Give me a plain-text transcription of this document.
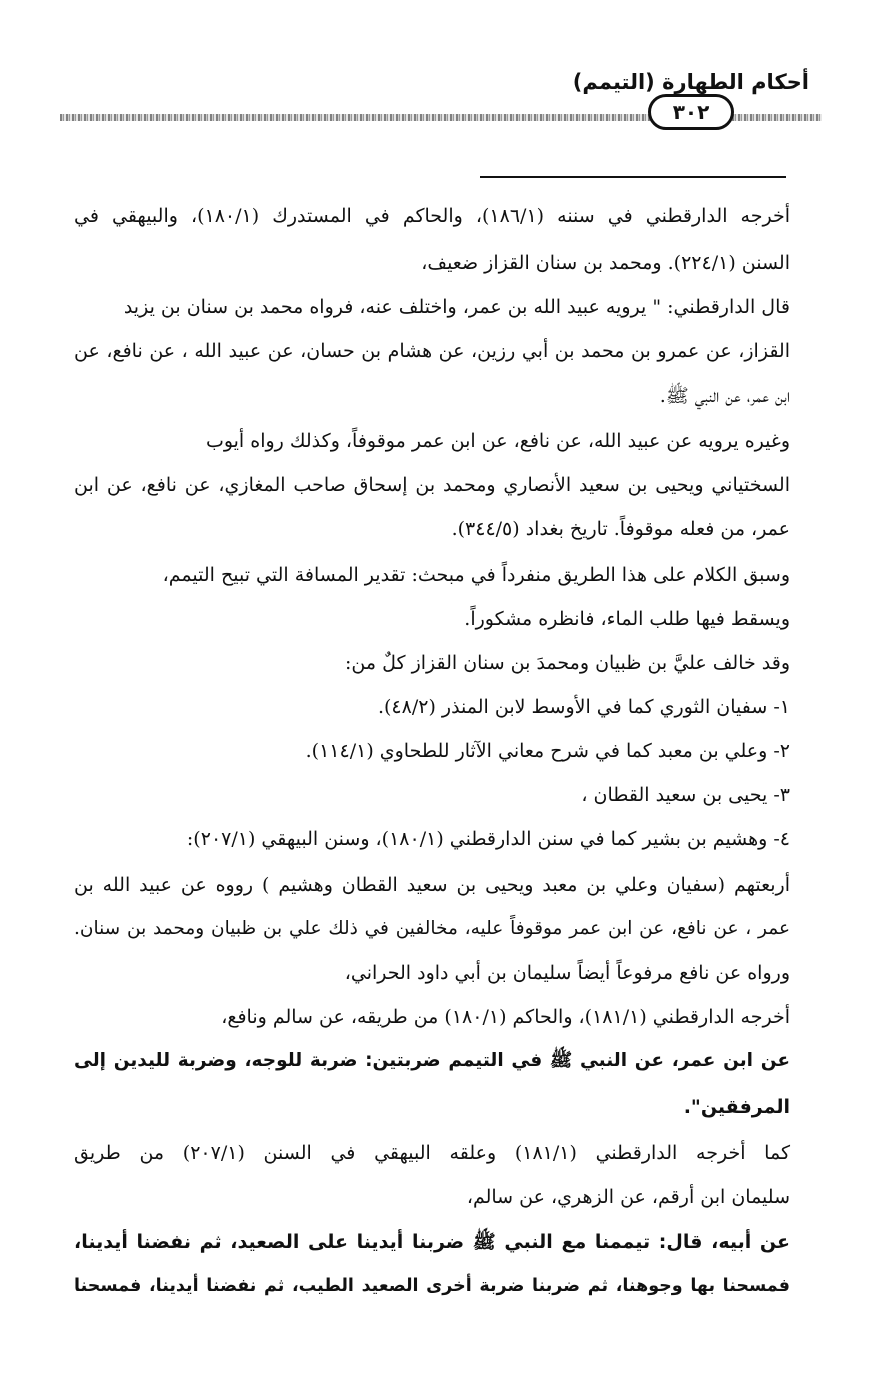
أحكام الطهارة (التيمم)
٣٠٢
أخرجه الدارقطني في سننه (١٨٦/١)، والحاكم في المستدرك (١٨٠/١)، والبيهقي في
السنن (٢٢٤/١). ومحمد بن سنان القزاز ضعيف،
قال الدارقطني: " يرويه عبيد الله بن عمر، واختلف عنه، فرواه محمد بن سنان بن يزيد
القزاز، عن عمرو بن محمد بن أبي رزين، عن هشام بن حسان، عن عبيد الله ، عن نافع، عن
ابن عمر، عن النبي ﷺ.
وغيره يرويه عن عبيد الله، عن نافع، عن ابن عمر موقوفاً، وكذلك رواه أيوب
السختياني ويحيى بن سعيد الأنصاري ومحمد بن إسحاق صاحب المغازي، عن نافع، عن ابن
عمر، من فعله موقوفاً. تاريخ بغداد (٣٤٤/٥).
وسبق الكلام على هذا الطريق منفرداً في مبحث: تقدير المسافة التي تبيح التيمم،
ويسقط فيها طلب الماء، فانظره مشكوراً.
وقد خالف عليَّ بن ظبيان ومحمدَ بن سنان القزاز كلٌ من:
١- سفيان الثوري كما في الأوسط لابن المنذر (٤٨/٢).
٢- وعلي بن معبد كما في شرح معاني الآثار للطحاوي (١١٤/١).
٣- يحيى بن سعيد القطان ،
٤- وهشيم بن بشير كما في سنن الدارقطني (١٨٠/١)، وسنن البيهقي (٢٠٧/١):
أربعتهم (سفيان وعلي بن معبد ويحيى بن سعيد القطان وهشيم ) رووه عن عبيد الله بن
عمر ، عن نافع، عن ابن عمر موقوفاً عليه، مخالفين في ذلك علي بن ظبيان ومحمد بن سنان.
ورواه عن نافع مرفوعاً أيضاً سليمان بن أبي داود الحراني،
أخرجه الدارقطني (١٨١/١)، والحاكم (١٨٠/١) من طريقه، عن سالم ونافع،
عن ابن عمر، عن النبي ﷺ في التيمم ضربتين: ضربة للوجه، وضربة لليدين إلى
المرفقين".
كما أخرجه الدارقطني (١٨١/١) وعلقه البيهقي في السنن (٢٠٧/١) من طريق
سليمان ابن أرقم، عن الزهري، عن سالم،
عن أبيه، قال: تيممنا مع النبي ﷺ ضربنا أيدينا على الصعيد، ثم نفضنا أيدينا،
فمسحنا بها وجوهنا، ثم ضربنا ضربة أخرى الصعيد الطيب، ثم نفضنا أيدينا، فمسحنا
